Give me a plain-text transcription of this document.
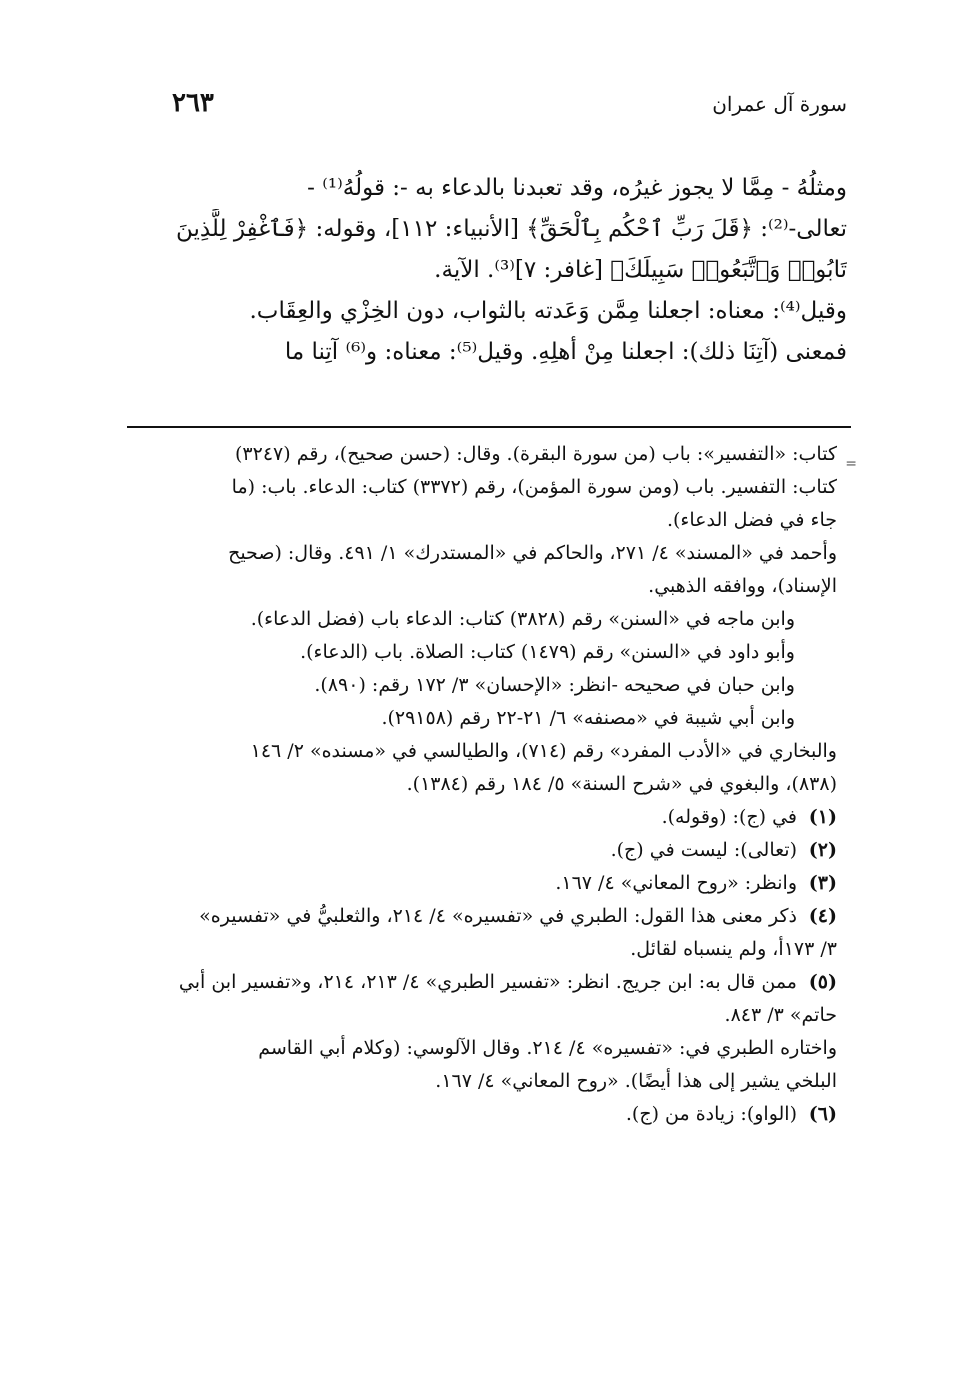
سورة آل عمران
٢٦٣
ومثلُهُ - مِمَّا لا يجوز غيرُه، وقد تعبدنا بالدعاء به -: قولُهُ⁽¹⁾ -
تعالى-⁽²⁾: ﴿قَلَ رَبِّ ٱحْكُم بِٱلْحَقِّ﴾ [الأنبياء: ١١٢]، وقوله: ﴿فَٱغْفِرْ لِلَّذِينَ
تَابُوا۟ وَٱتَّبَعُوا۟ سَبِيلَكَ﴾ [غافر: ٧]⁽³⁾. الآية.
وقيل⁽⁴⁾: معناه: اجعلنا مِمَّن وَعَدته بالثواب، دون الخِزْي والعِقَاب.
فمعنى (آتِنَا ذلك): اجعلنا مِنْ أهلِهِ. وقيل⁽⁵⁾: معناه: و⁽⁶⁾ آتِنا ما
=
كتاب: «التفسير»: باب (من سورة البقرة). وقال: (حسن صحيح)، رقم (٣٢٤٧)
كتاب: التفسير. باب (ومن سورة المؤمن)، رقم (٣٣٧٢) كتاب: الدعاء. باب: (ما
جاء في فضل الدعاء).
وأحمد في «المسند» ٤/ ٢٧١، والحاكم في «المستدرك» ١/ ٤٩١. وقال: (صحيح
الإسناد)، ووافقه الذهبي.
وابن ماجه في «السنن» رقم (٣٨٢٨) كتاب: الدعاء باب (فضل الدعاء).
وأبو داود في «السنن» رقم (١٤٧٩) كتاب: الصلاة. باب (الدعاء).
وابن حبان في صحيحه -انظر: «الإحسان» ٣/ ١٧٢ رقم: (٨٩٠).
وابن أبي شيبة في «مصنفه» ٦/ ٢١-٢٢ رقم (٢٩١٥٨).
والبخاري في «الأدب المفرد» رقم (٧١٤)، والطيالسي في «مسنده» ٢/ ١٤٦
(٨٣٨)، والبغوي في «شرح السنة» ٥/ ١٨٤ رقم (١٣٨٤).
(١)في (ج): (وقوله).
(٢)(تعالى): ليست في (ج).
(٣)وانظر: «روح المعاني» ٤/ ١٦٧.
(٤)ذكر معنى هذا القول: الطبري في «تفسيره» ٤/ ٢١٤، والثعلبيُّ في «تفسيره»
٣/ ١٧٣أ، ولم ينسباه لقائل.
(٥)ممن قال به: ابن جريج. انظر: «تفسير الطبري» ٤/ ٢١٣، ٢١٤، و«تفسير ابن أبي
حاتم» ٣/ ٨٤٣.
واختاره الطبري في: «تفسيره» ٤/ ٢١٤. وقال الآلوسي: (وكلام أبي القاسم
البلخي يشير إلى هذا أيضًا). «روح المعاني» ٤/ ١٦٧.
(٦)(الواو): زيادة من (ج).
